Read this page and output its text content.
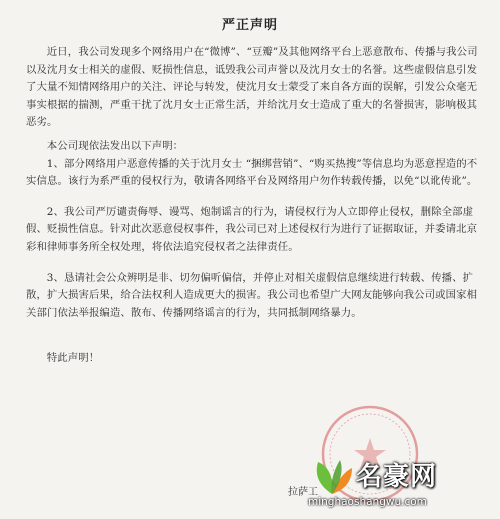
严正声明

近日，我公司发现多个网络用户在“微博”、“豆瓣”及其他网络平台上恶意散布、传播与我公司以及沈月女士相关的虚假、贬损性信息，诋毁我公司声誉以及沈月女士的名誉。这些虚假信息引发了大量不知情网络用户的关注、评论与转发，使沈月女士蒙受了来自各方面的误解，引发公众毫无事实根据的揣测，严重干扰了沈月女士正常生活，并给沈月女士造成了重大的名誉损害，影响极其恶劣。

本公司现依法发出以下声明：

1、部分网络用户恶意传播的关于沈月女士 “捆绑营销”、“购买热搜”等信息均为恶意捏造的不实信息。该行为系严重的侵权行为，敬请各网络平台及网络用户勿作转载传播，以免“以讹传讹”。

2、我公司严厉谴责侮辱、谩骂、炮制谣言的行为，请侵权行为人立即停止侵权，删除全部虚假、贬损性信息。针对此次恶意侵权事件，我公司已对上述侵权行为进行了证据取证，并委请北京彩和律师事务所全权处理，将依法追究侵权者之法律责任。

3、恳请社会公众辨明是非、切勿偏听偏信，并停止对相关虚假信息继续进行转载、传播、扩散，扩大损害后果，给合法权利人造成更大的损害。我公司也希望广大网友能够向我公司或国家相关部门依法举报编造、散布、传播网络谣言的行为，共同抵制网络暴力。

特此声明！

拉萨工
名豪网
minghaoshangwu.com
